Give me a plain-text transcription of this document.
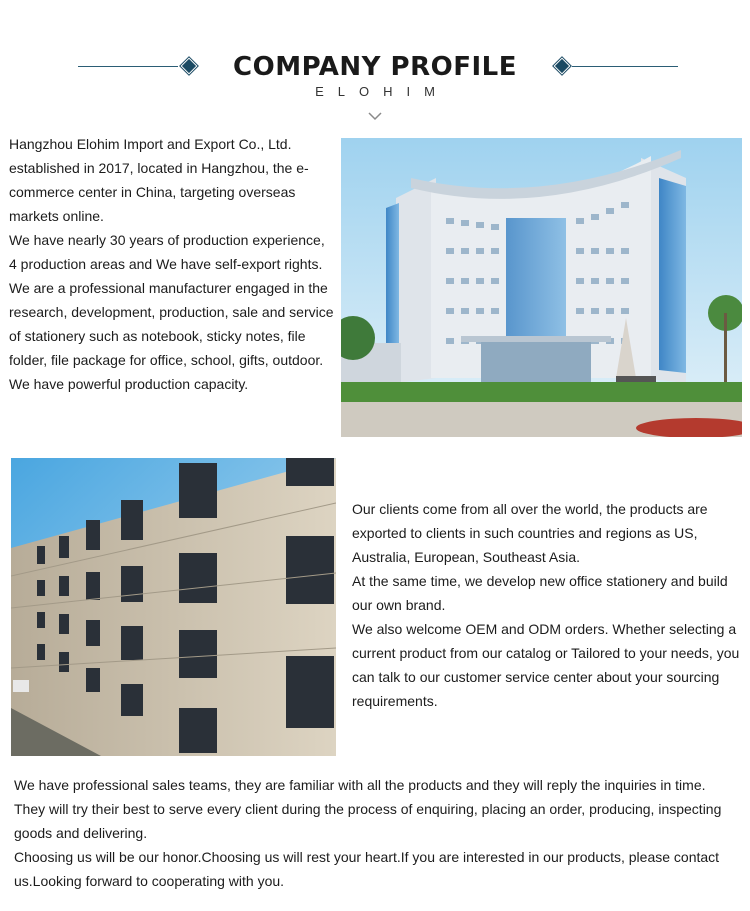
COMPANY PROFILE
ELOHIM

Hangzhou Elohim Import and Export Co., Ltd. established in 2017, located in Hangzhou, the e-commerce center in China, targeting overseas markets online.

We have nearly 30 years of production experience, 4 production areas and We have self-export rights.

We are a professional manufacturer engaged in the research, development, production, sale and service of stationery such as notebook, sticky notes, file folder, file package for office, school, gifts, outdoor.

We have powerful production capacity.

Our clients come from all over the world, the products are exported to clients in such countries and regions as US, Australia, European, Southeast Asia.

At the same time, we develop new office stationery and build our own brand.

We also welcome OEM and ODM orders. Whether selecting a current product from our catalog or Tailored to your needs, you can talk to our customer service center about your sourcing requirements.

We have professional sales teams, they are familiar with all the products and they will reply the inquiries in time. They will try their best to serve every client during the process of enquiring, placing an order, producing, inspecting goods and delivering.

Choosing us will be our honor.Choosing us will rest your heart.If you are interested in our products, please contact us.Looking forward to cooperating with you.
